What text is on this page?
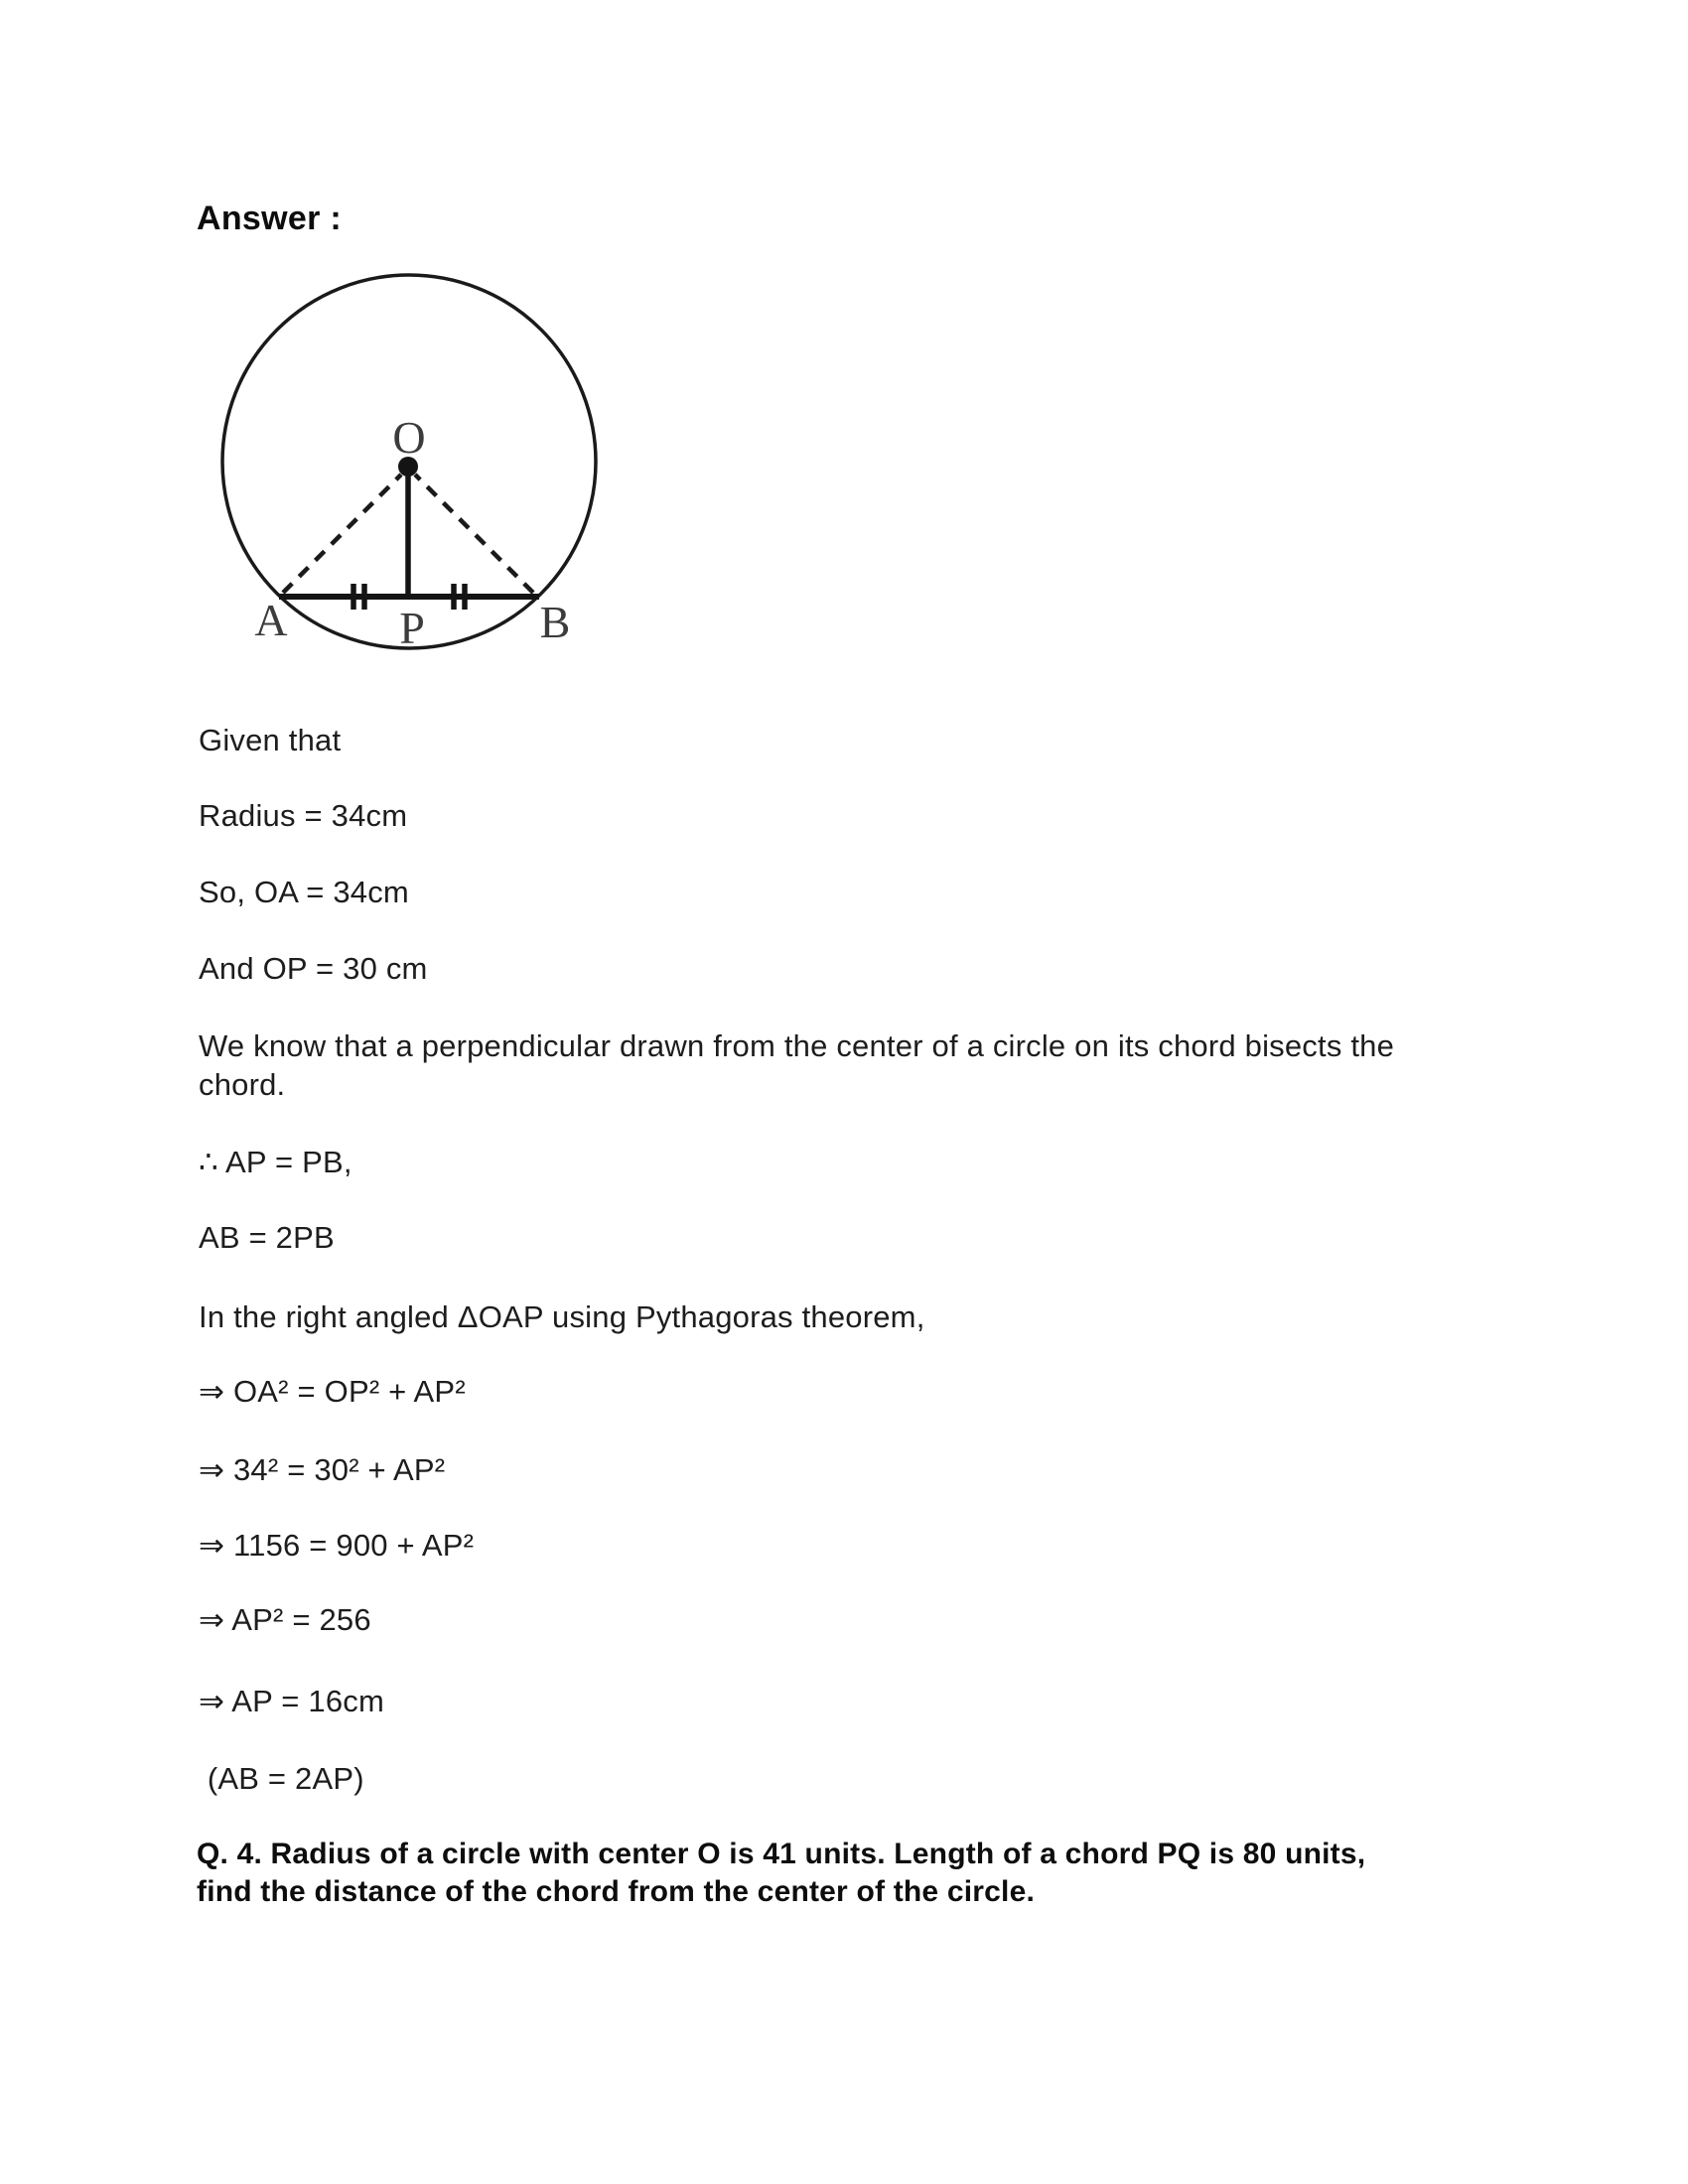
Answer :
O
A P	B
Given that
Radius = 34cm
So, OA = 34cm
And OP = 30 cm
We know that a perpendicular drawn from the center of a circle on its chord bisects the
chord.
∴ AP = PB,
AB = 2PB
In the right angled ΔOAP using Pythagoras theorem,
⇒ OA² = OP² + AP²
⇒ 34² = 30² + AP²
⇒ 1156 = 900 + AP²
⇒ AP² = 256
⇒ AP = 16cm
(AB = 2AP)
Q. 4. Radius of a circle with center O is 41 units. Length of a chord PQ is 80 units,
find the distance of the chord from the center of the circle.
